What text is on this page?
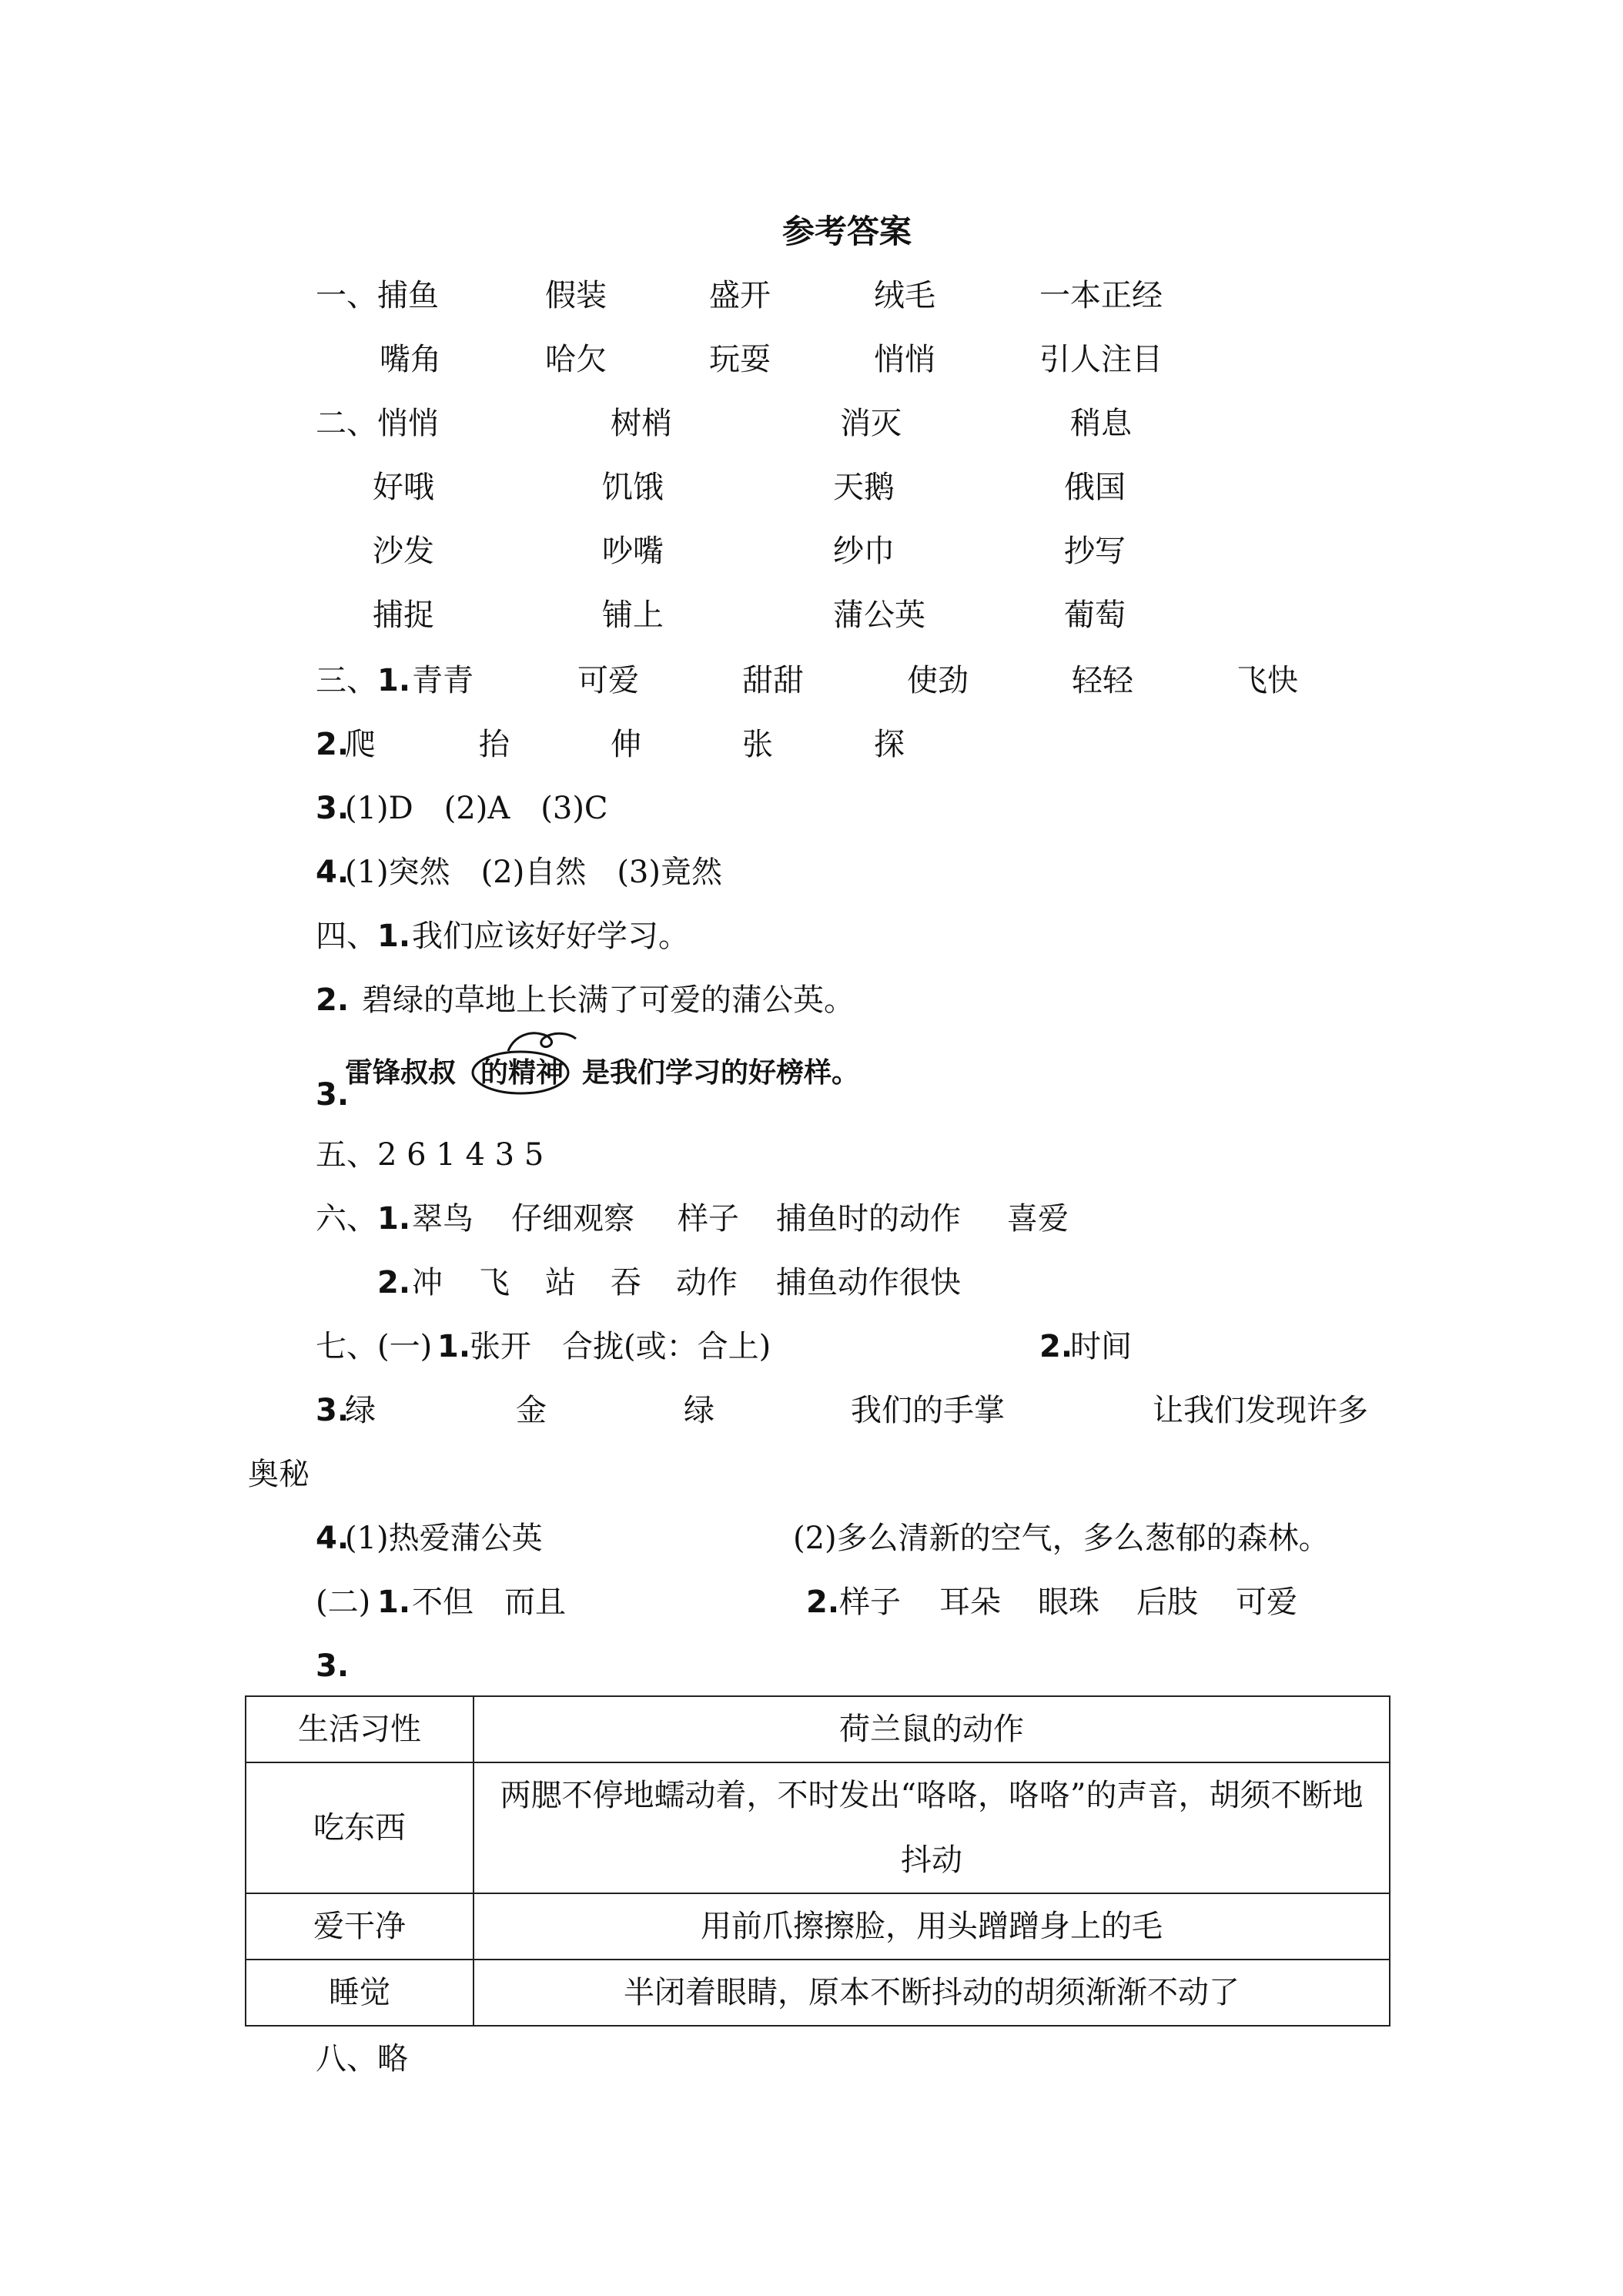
参考答案
一、捕鱼	假装	盛开	绒毛	一本正经
嘴角	哈欠	玩耍	悄悄	引人注目
二、悄悄	树梢	消灭	稍息
好哦	饥饿	天鹅	俄国
沙发	吵嘴	纱巾	抄写
捕捉	铺上	蒲公英	葡萄
三、 1. 青青	可爱	甜甜	使劲	轻轻	飞快
2.
爬	抬	伸	张	探
3.
(1)D　(2)A　(3)C
4.
(1)突然　(2)自然　(3)竟然
四、 1. 我们应该好好学习。
2. 碧绿的草地上长满了可爱的蒲公英。
3.
雷锋叔叔 的精神 是我们学习的好榜样。
五、2 6 1 4 3 5
六、 1. 翠鸟 仔细观察 样子 捕鱼时的动作 喜爱
2. 冲 飞 站 吞 动作 捕鱼动作很快
七、(一) 1.
张开　合拢(或：合上)	2.
时间
3.
绿	金	绿	我们的手掌	让我们发现许多
奥秘
4.
(1)热爱蒲公英	(2)多么清新的空气，多么葱郁的森林。
(二) 1. 不但　而且	2. 样子 耳朵 眼珠 后肢 可爱
3.
生活习性	荷兰鼠的动作
吃东西	两腮不停地蠕动着，不时发出“咯咯，咯咯”的声音，胡须不断地抖动
爱干净	用前爪擦擦脸，用头蹭蹭身上的毛
睡觉	半闭着眼睛，原本不断抖动的胡须渐渐不动了
八、略
